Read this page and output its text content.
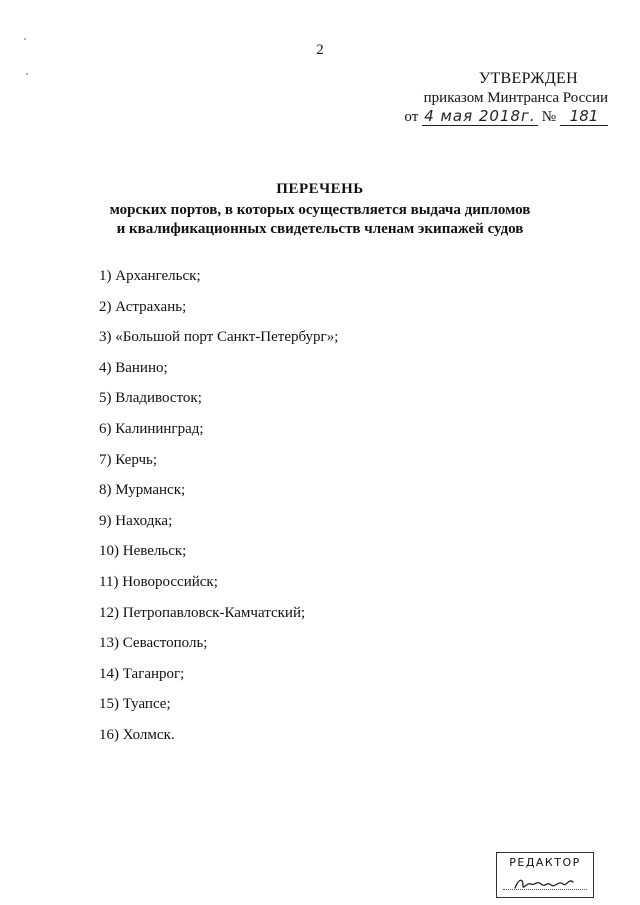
2
УТВЕРЖДЕН
приказом Минтранса России
от 4 мая 2018г. № 181
ПЕРЕЧЕНЬ
морских портов, в которых осуществляется выдача дипломов
и квалификационных свидетельств членам экипажей судов
1) Архангельск;
2) Астрахань;
3) «Большой порт Санкт-Петербург»;
4) Ванино;
5) Владивосток;
6) Калининград;
7) Керчь;
8) Мурманск;
9) Находка;
10) Невельск;
11) Новороссийск;
12) Петропавловск-Камчатский;
13) Севастополь;
14) Таганрог;
15) Туапсе;
16) Холмск.
РЕДАКТОР
